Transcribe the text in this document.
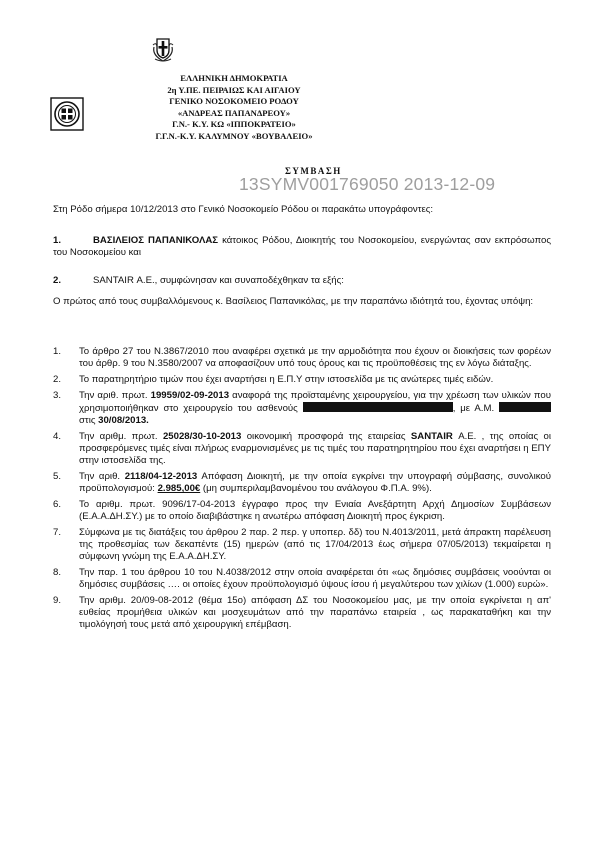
ΕΛΛΗΝΙΚΗ ΔΗΜΟΚΡΑΤΙΑ
2η Υ.ΠΕ. ΠΕΙΡΑΙΩΣ ΚΑΙ ΑΙΓΑΙΟΥ
ΓΕΝΙΚΟ ΝΟΣΟΚΟΜΕΙΟ ΡΟΔΟΥ
«ΑΝΔΡΕΑΣ ΠΑΠΑΝΔΡΕΟΥ»
Γ.Ν.- Κ.Υ. ΚΩ «ΙΠΠΟΚΡΑΤΕΙΟ»
Γ.Γ.Ν.-Κ.Υ. ΚΑΛΥΜΝΟΥ «ΒΟΥΒΑΛΕΙΟ»
ΣΥΜΒΑΣΗ
13SYMV001769050 2013-12-09
Στη Ρόδο σήμερα 10/12/2013 στο Γενικό Νοσοκομείο Ρόδου οι παρακάτω υπογράφοντες:
1.	ΒΑΣΙΛΕΙΟΣ ΠΑΠΑΝΙΚΟΛΑΣ κάτοικος Ρόδου, Διοικητής του Νοσοκομείου, ενεργώντας σαν εκπρόσωπος του Νοσοκομείου και
2.	SANTAIR Α.Ε., συμφώνησαν και συναποδέχθηκαν τα εξής:
Ο πρώτος από τους συμβαλλόμενους κ. Βασίλειος Παπανικόλας, με την παραπάνω ιδιότητά του, έχοντας υπόψη:
1.	Το άρθρο 27 του Ν.3867/2010 που αναφέρει σχετικά με την αρμοδιότητα που έχουν οι διοικήσεις των φορέων του άρθρ. 9 του Ν.3580/2007 να αποφασίζουν υπό τους όρους και τις προϋποθέσεις της εν λόγω διάταξης.
2.	Το παρατηρητήριο τιμών που έχει αναρτήσει η Ε.Π.Υ στην ιστοσελίδα με τις ανώτερες τιμές ειδών.
3.	Την αριθ. πρωτ. 19959/02-09-2013 αναφορά της προϊσταμένης χειρουργείου, για την χρέωση των υλικών που χρησιμοποιήθηκαν στο χειρουργείο του ασθενούς	, με Α.Μ.  στις 30/08/2013.
4.	Την αριθμ. πρωτ. 25028/30-10-2013 οικονομική προσφορά της εταιρείας SANTAIR Α.Ε. , της οποίας οι προσφερόμενες τιμές είναι πλήρως εναρμονισμένες με τις τιμές του παρατηρητηρίου που έχει αναρτήσει η ΕΠΥ στην ιστοσελίδα της.
5.	Την αριθ. 2118/04-12-2013 Απόφαση Διοικητή, με την οποία εγκρίνει την υπογραφή σύμβασης, συνολικού προϋπολογισμού: 2.985,00€ (μη συμπεριλαμβανομένου του ανάλογου Φ.Π.Α. 9%).
6.	Το αριθμ. πρωτ. 9096/17-04-2013 έγγραφο προς την Ενιαία Ανεξάρτητη Αρχή Δημοσίων Συμβάσεων (Ε.Α.Α.ΔΗ.ΣΥ.) με το οποίο διαβιβάστηκε η ανωτέρω απόφαση Διοικητή προς έγκριση.
7.	Σύμφωνα με τις διατάξεις του άρθρου 2 παρ. 2 περ. γ υποπερ. δδ) του Ν.4013/2011, μετά άπρακτη παρέλευση της προθεσμίας των δεκαπέντε (15) ημερών (από τις 17/04/2013 έως σήμερα 07/05/2013) τεκμαίρεται η σύμφωνη γνώμη της Ε.Α.Α.ΔΗ.ΣΥ.
8.	Την παρ. 1 του άρθρου 10 του Ν.4038/2012 στην οποία αναφέρεται ότι «ως δημόσιες συμβάσεις νοούνται οι δημόσιες συμβάσεις …. οι οποίες έχουν προϋπολογισμό ύψους ίσου ή μεγαλύτερου των χιλίων (1.000) ευρώ».
9.	Την αριθμ. 20/09-08-2012 (θέμα 15ο) απόφαση ΔΣ του Νοσοκομείου μας, με την οποία εγκρίνεται η απ' ευθείας προμήθεια υλικών και μοσχευμάτων από την παραπάνω εταιρεία , ως παρακαταθήκη και την τιμολόγησή τους μετά από χειρουργική επέμβαση.
